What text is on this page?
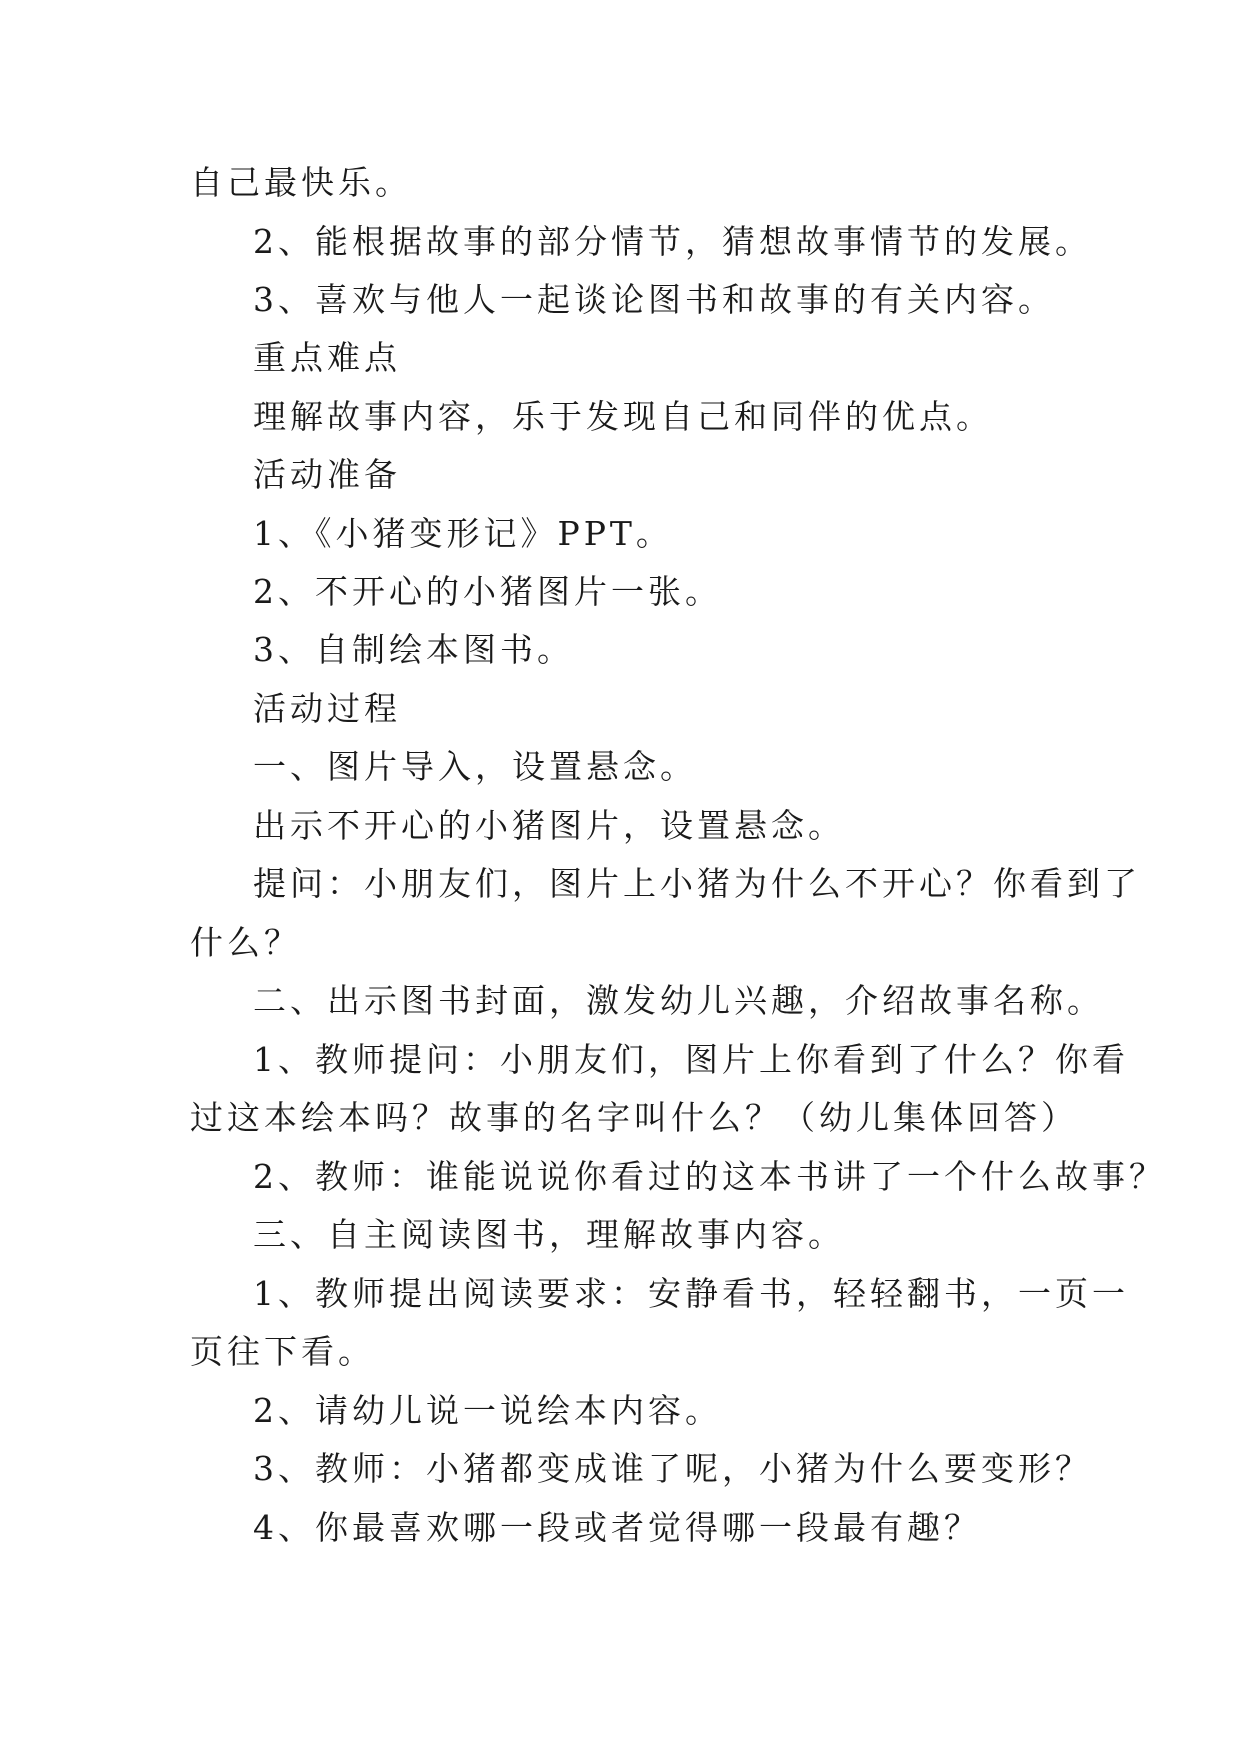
自己最快乐。

2、能根据故事的部分情节，猜想故事情节的发展。

3、喜欢与他人一起谈论图书和故事的有关内容。

重点难点

理解故事内容，乐于发现自己和同伴的优点。

活动准备

1、《小猪变形记》PPT。

2、不开心的小猪图片一张。

3、自制绘本图书。

活动过程

一、图片导入，设置悬念。

出示不开心的小猪图片，设置悬念。

提问：小朋友们，图片上小猪为什么不开心？你看到了

什么？

二、出示图书封面，激发幼儿兴趣，介绍故事名称。

1、教师提问：小朋友们，图片上你看到了什么？你看

过这本绘本吗？故事的名字叫什么？（幼儿集体回答）

2、教师：谁能说说你看过的这本书讲了一个什么故事？

三、自主阅读图书，理解故事内容。

1、教师提出阅读要求：安静看书，轻轻翻书，一页一

页往下看。

2、请幼儿说一说绘本内容。

3、教师：小猪都变成谁了呢，小猪为什么要变形？

4、你最喜欢哪一段或者觉得哪一段最有趣？
